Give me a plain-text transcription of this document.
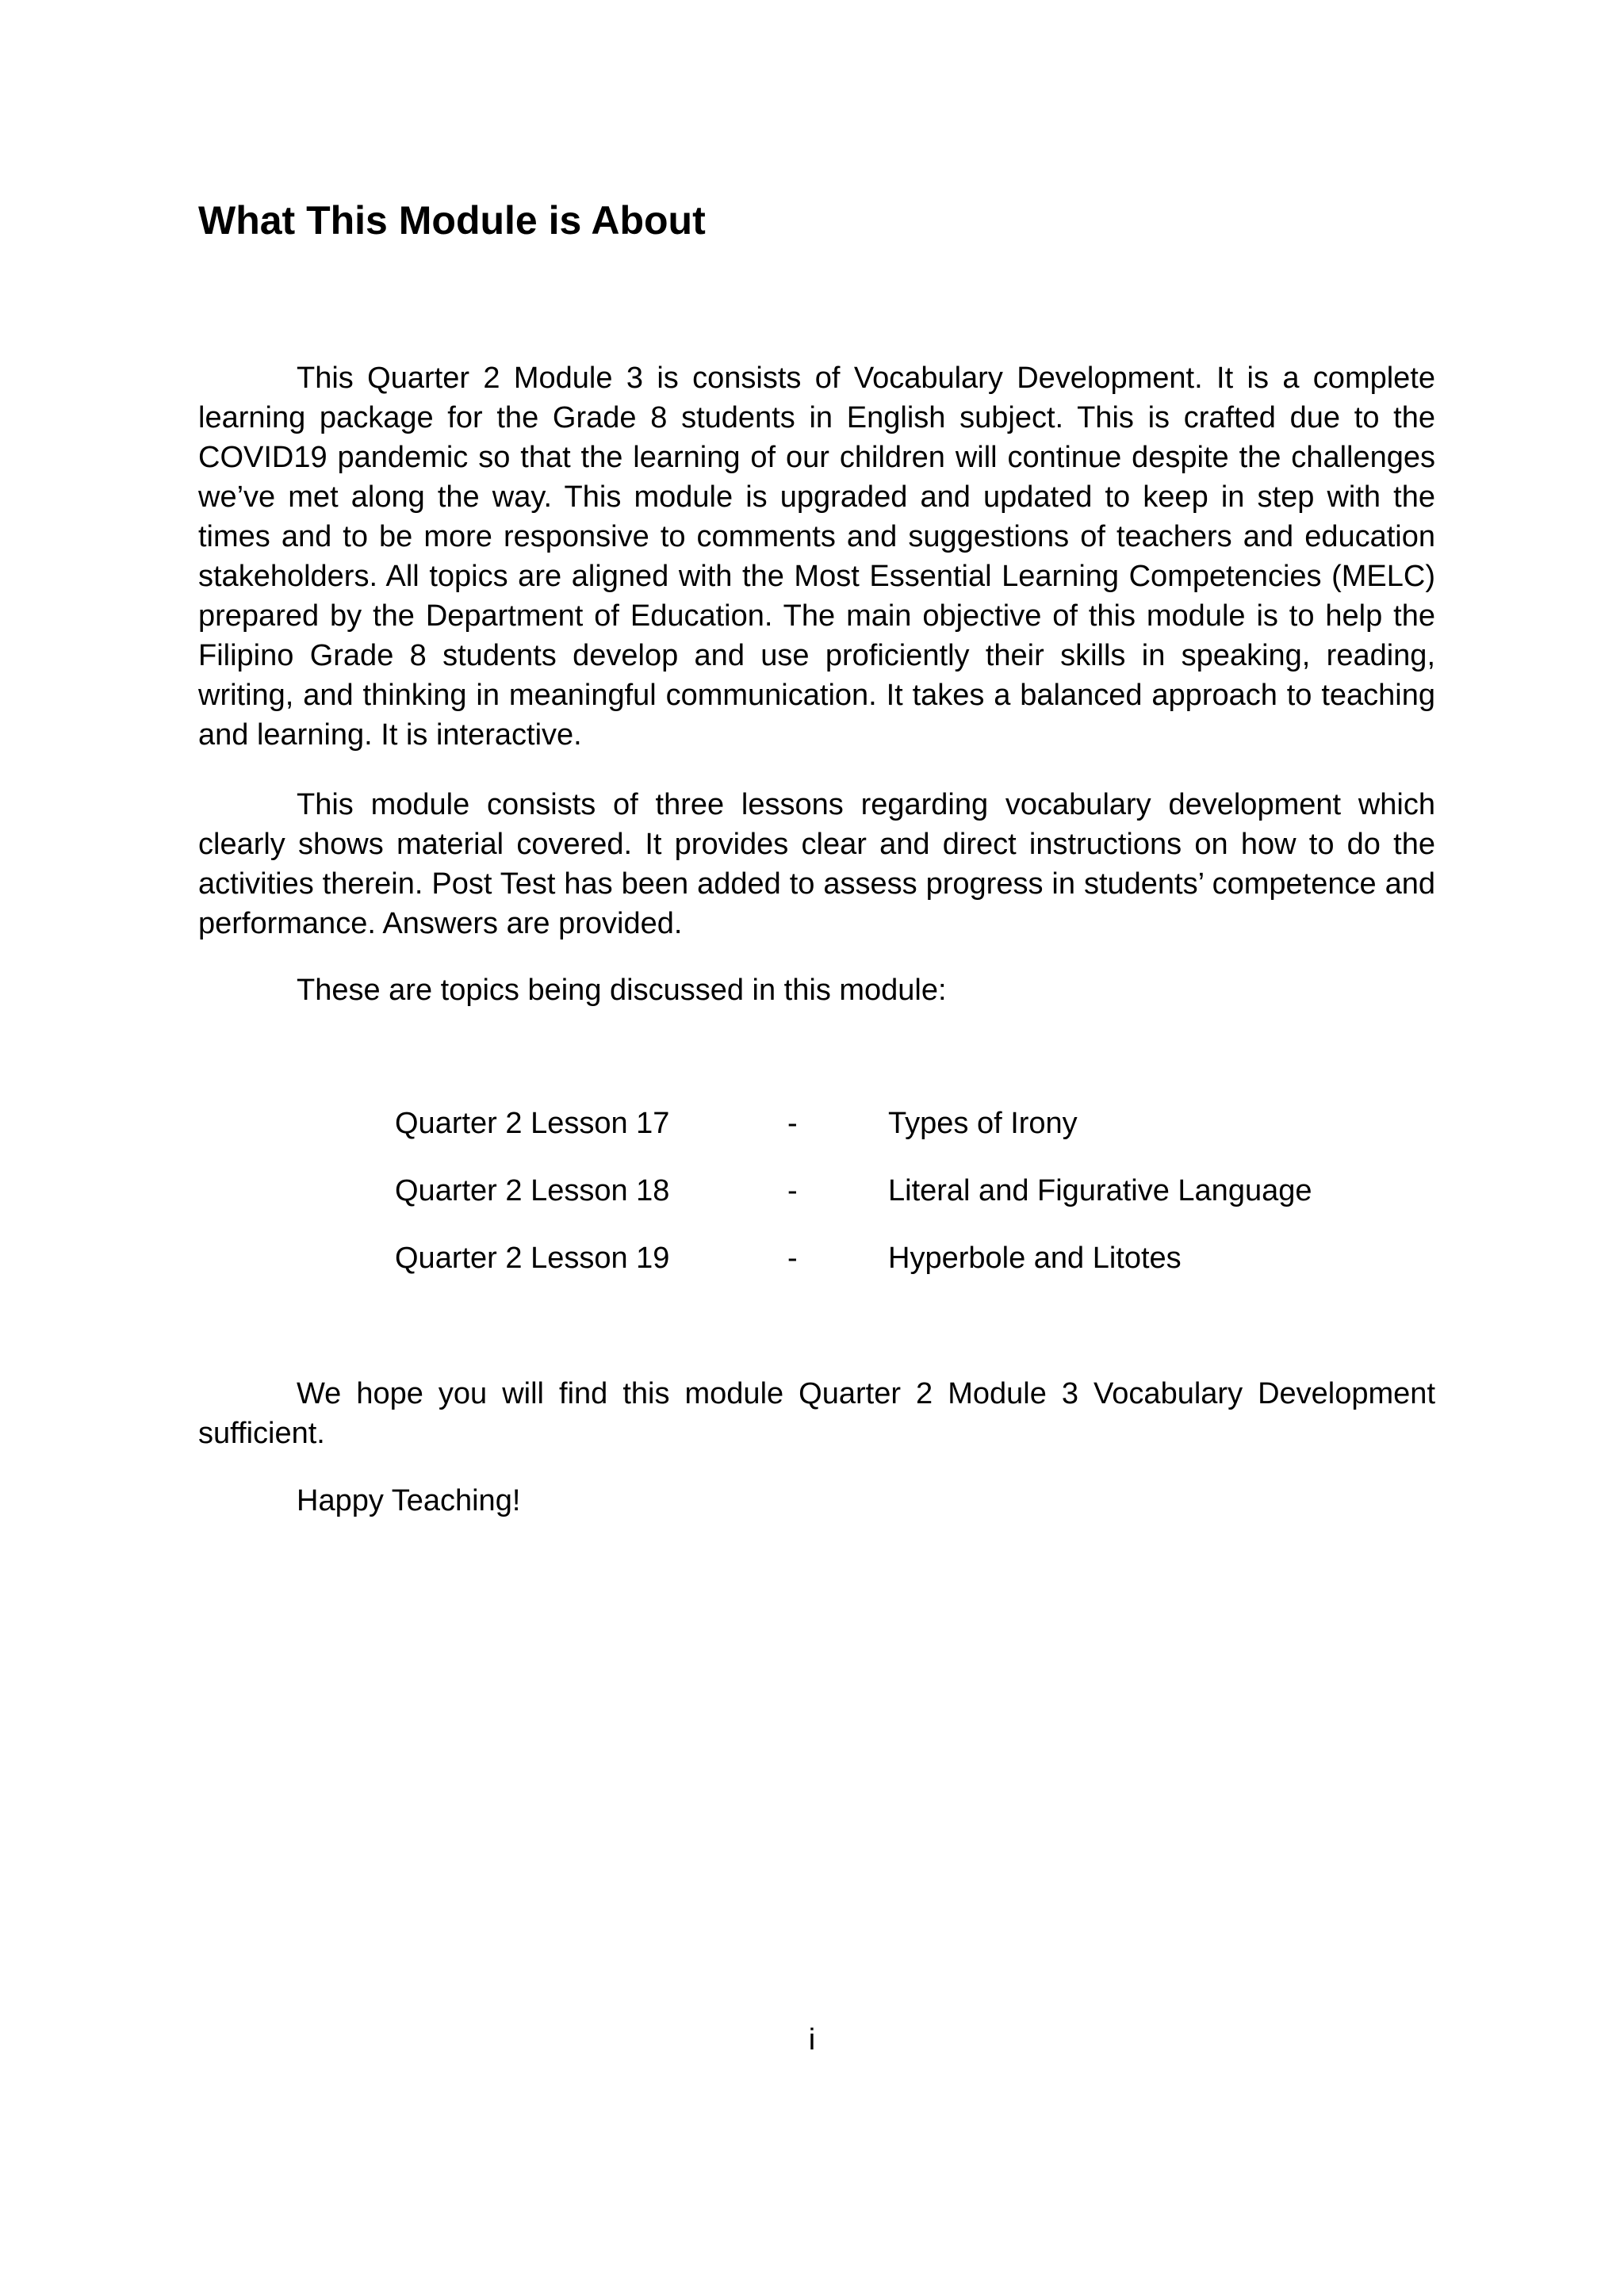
What This Module is About

This Quarter 2 Module 3 is consists of Vocabulary Development. It is a complete learning package for the Grade 8 students in English subject. This is crafted due to the COVID19 pandemic so that the learning of our children will continue despite the challenges we’ve met along the way. This module is upgraded and updated to keep in step with the times and to be more responsive to comments and suggestions of teachers and education stakeholders. All topics are aligned with the Most Essential Learning Competencies (MELC) prepared by the Department of Education. The main objective of this module is to help the Filipino Grade 8 students develop and use proficiently their skills in speaking, reading, writing, and thinking in meaningful communication. It takes a balanced approach to teaching and learning. It is interactive.

This module consists of three lessons regarding vocabulary development which clearly shows material covered. It provides clear and direct instructions on how to do the activities therein. Post Test has been added to assess progress in students’ competence and performance. Answers are provided.

These are topics being discussed in this module:

Quarter 2 Lesson 17	-	Types of Irony
Quarter 2 Lesson 18	-	Literal and Figurative Language
Quarter 2 Lesson 19	-	Hyperbole and Litotes

We hope you will find this module Quarter 2 Module 3 Vocabulary Development sufficient.

Happy Teaching!

i
